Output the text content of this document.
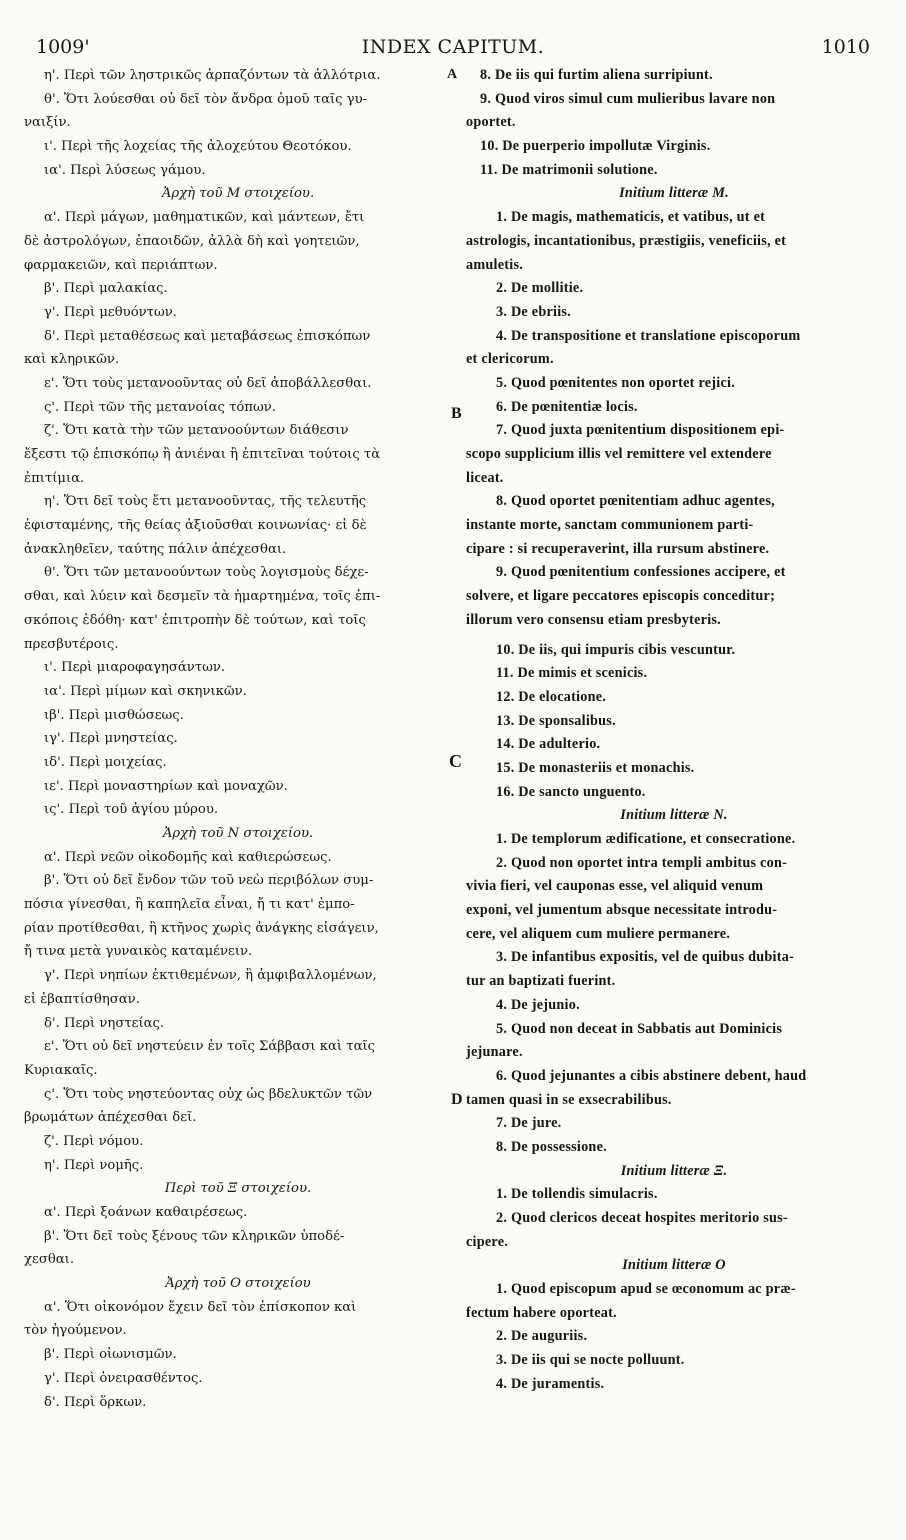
1009'	INDEX CAPITUM.	1010
A
B
C
D
η'. Περὶ τῶν ληστρικῶς ἁρπαζόντων τὰ ἀλλότρια.
θ'. Ὅτι λούεσθαι οὐ δεῖ τὸν ἄνδρα ὁμοῦ ταῖς γυ-
ναιξίν.
ι'. Περὶ τῆς λοχείας τῆς ἀλοχεύτου Θεοτόκου.
ια'. Περὶ λύσεως γάμου.
Ἀρχὴ τοῦ Μ στοιχείου.
α'. Περὶ μάγων, μαθηματικῶν, καὶ μάντεων, ἔτι
δὲ ἀστρολόγων, ἐπαοιδῶν, ἀλλὰ δὴ καὶ γοητειῶν,
φαρμακειῶν, καὶ περιάπτων.
β'. Περὶ μαλακίας.
γ'. Περὶ μεθυόντων.
δ'. Περὶ μεταθέσεως καὶ μεταβάσεως ἐπισκόπων
καὶ κληρικῶν.
ε'. Ὅτι τοὺς μετανοοῦντας οὐ δεῖ ἀποβάλλεσθαι.
ς'. Περὶ τῶν τῆς μετανοίας τόπων.
ζ'. Ὅτι κατὰ τὴν τῶν μετανοούντων διάθεσιν
ἔξεστι τῷ ἐπισκόπῳ ἢ ἀνιέναι ἢ ἐπιτεῖναι τούτοις τὰ
ἐπιτίμια.
η'. Ὅτι δεῖ τοὺς ἔτι μετανοοῦντας, τῆς τελευτῆς
ἐφισταμένης, τῆς θείας ἀξιοῦσθαι κοινωνίας· εἰ δὲ
ἀνακληθεῖεν, ταύτης πάλιν ἀπέχεσθαι.
θ'. Ὅτι τῶν μετανοούντων τοὺς λογισμοὺς δέχε-
σθαι, καὶ λύειν καὶ δεσμεῖν τὰ ἡμαρτημένα, τοῖς ἐπι-
σκόποις ἐδόθη· κατ' ἐπιτροπὴν δὲ τούτων, καὶ τοῖς
πρεσβυτέροις.
ι'. Περὶ μιαροφαγησάντων.
ια'. Περὶ μίμων καὶ σκηνικῶν.
ιβ'. Περὶ μισθώσεως.
ιγ'. Περὶ μνηστείας.
ιδ'. Περὶ μοιχείας.
ιε'. Περὶ μοναστηρίων καὶ μοναχῶν.
ις'. Περὶ τοῦ ἁγίου μύρου.
Ἀρχὴ τοῦ Ν στοιχείου.
α'. Περὶ νεῶν οἰκοδομῆς καὶ καθιερώσεως.
β'. Ὅτι οὐ δεῖ ἔνδον τῶν τοῦ νεὼ περιβόλων συμ-
πόσια γίνεσθαι, ἢ καπηλεῖα εἶναι, ἤ τι κατ' ἐμπο-
ρίαν προτίθεσθαι, ἢ κτῆνος χωρὶς ἀνάγκης εἰσάγειν,
ἤ τινα μετὰ γυναικὸς καταμένειν.
γ'. Περὶ νηπίων ἐκτιθεμένων, ἢ ἀμφιβαλλομένων,
εἰ ἐβαπτίσθησαν.
δ'. Περὶ νηστείας.
ε'. Ὅτι οὐ δεῖ νηστεύειν ἐν τοῖς Σάββασι καὶ ταῖς
Κυριακαῖς.
ς'. Ὅτι τοὺς νηστεύοντας οὐχ ὡς βδελυκτῶν τῶν
βρωμάτων ἀπέχεσθαι δεῖ.
ζ'. Περὶ νόμου.
η'. Περὶ νομῆς.
Περὶ τοῦ Ξ στοιχείου.
α'. Περὶ ξοάνων καθαιρέσεως.
β'. Ὅτι δεῖ τοὺς ξένους τῶν κληρικῶν ὑποδέ-
χεσθαι.
Ἀρχὴ τοῦ Ο στοιχείου
α'. Ὅτι οἰκονόμον ἔχειν δεῖ τὸν ἐπίσκοπον καὶ
τὸν ἡγούμενον.
β'. Περὶ οἰωνισμῶν.
γ'. Περὶ ὀνειρασθέντος.
δ'. Περὶ ὅρκων.
8. De iis qui furtim aliena surripiunt.
9. Quod viros simul cum mulieribus lavare non
oportet.
10. De puerperio impollutæ Virginis.
11. De matrimonii solutione.
Initium litteræ M.
1. De magis, mathematicis, et vatibus, ut et
astrologis, incantationibus, præstigiis, veneficiis, et
amuletis.
2. De mollitie.
3. De ebriis.
4. De transpositione et translatione episcoporum
et clericorum.
5. Quod pœnitentes non oportet rejici.
6. De pœnitentiæ locis.
7. Quod juxta pœnitentium dispositionem epi-
scopo supplicium illis vel remittere vel extendere
liceat.
8. Quod oportet pœnitentiam adhuc agentes,
instante morte, sanctam communionem parti-
cipare : si recuperaverint, illa rursum abstinere.
9. Quod pœnitentium confessiones accipere, et
solvere, et ligare peccatores episcopis conceditur;
illorum vero consensu etiam presbyteris.
10. De iis, qui impuris cibis vescuntur.
11. De mimis et scenicis.
12. De elocatione.
13. De sponsalibus.
14. De adulterio.
15. De monasteriis et monachis.
16. De sancto unguento.
Initium litteræ N.
1. De templorum ædificatione, et consecratione.
2. Quod non oportet intra templi ambitus con-
vivia fieri, vel cauponas esse, vel aliquid venum
exponi, vel jumentum absque necessitate introdu-
cere, vel aliquem cum muliere permanere.
3. De infantibus expositis, vel de quibus dubita-
tur an baptizati fuerint.
4. De jejunio.
5. Quod non deceat in Sabbatis aut Dominicis
jejunare.
6. Quod jejunantes a cibis abstinere debent, haud
tamen quasi in se exsecrabilibus.
7. De jure.
8. De possessione.
Initium litteræ Ξ.
1. De tollendis simulacris.
2. Quod clericos deceat hospites meritorio sus-
cipere.
Initium litteræ O
1. Quod episcopum apud se œconomum ac præ-
fectum habere oporteat.
2. De auguriis.
3. De iis qui se nocte polluunt.
4. De juramentis.
